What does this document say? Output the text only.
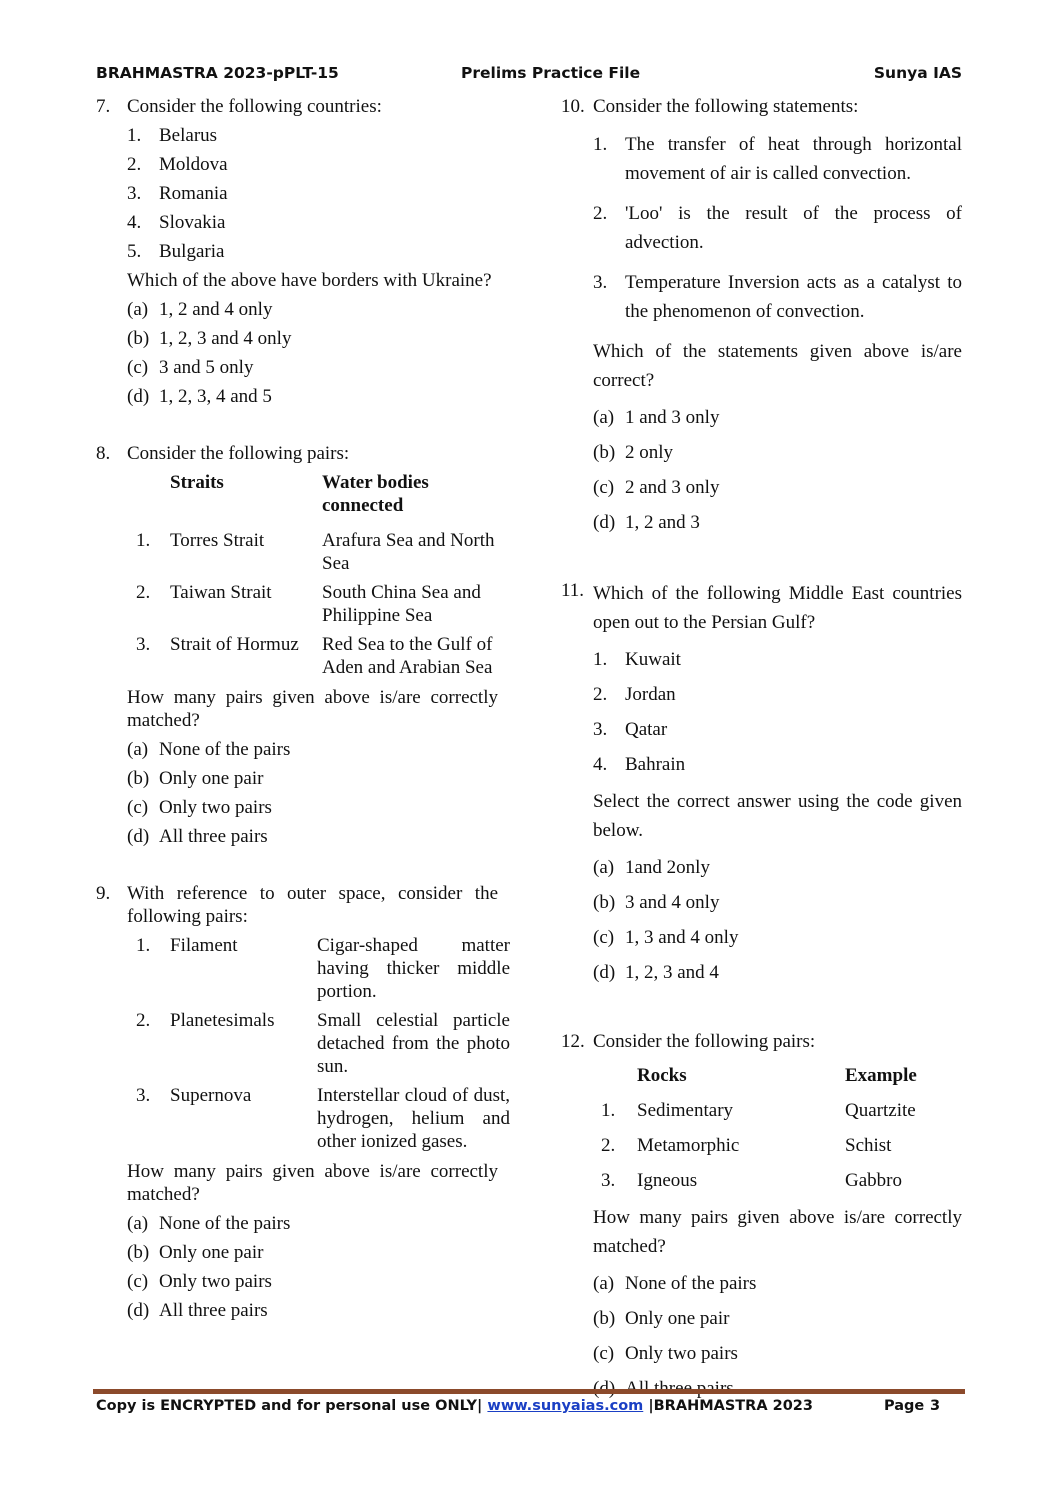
BRAHMASTRA 2023-pPLT-15	Prelims Practice File	Sunya IAS
7. Consider the following countries:
1. Belarus
2. Moldova
3. Romania
4. Slovakia
5. Bulgaria
Which of the above have borders with Ukraine?
(a) 1, 2 and 4 only
(b) 1, 2, 3 and 4 only
(c) 3 and 5 only
(d) 1, 2, 3, 4 and 5
8. Consider the following pairs:
	Straits	Water bodies connected
1.	Torres Strait	Arafura Sea and North Sea
2.	Taiwan Strait	South China Sea and Philippine Sea
3.	Strait of Hormuz	Red Sea to the Gulf of Aden and Arabian Sea
How many pairs given above is/are correctly matched?
(a) None of the pairs
(b) Only one pair
(c) Only two pairs
(d) All three pairs
9. With reference to outer space, consider the following pairs:
1.	Filament	Cigar-shaped matter having thicker middle portion.
2.	Planetesimals	Small celestial particle detached from the photo sun.
3.	Supernova	Interstellar cloud of dust, hydrogen, helium and other ionized gases.
How many pairs given above is/are correctly matched?
(a) None of the pairs
(b) Only one pair
(c) Only two pairs
(d) All three pairs
10. Consider the following statements:
1. The transfer of heat through horizontal movement of air is called convection.
2. 'Loo' is the result of the process of advection.
3. Temperature Inversion acts as a catalyst to the phenomenon of convection.
Which of the statements given above is/are correct?
(a) 1 and 3 only
(b) 2 only
(c) 2 and 3 only
(d) 1, 2 and 3
11. Which of the following Middle East countries open out to the Persian Gulf?
1. Kuwait
2. Jordan
3. Qatar
4. Bahrain
Select the correct answer using the code given below.
(a) 1and 2only
(b) 3 and 4 only
(c) 1, 3 and 4 only
(d) 1, 2, 3 and 4
12. Consider the following pairs:
	Rocks	Example
1.	Sedimentary	Quartzite
2.	Metamorphic	Schist
3.	Igneous	Gabbro
How many pairs given above is/are correctly matched?
(a) None of the pairs
(b) Only one pair
(c) Only two pairs
Copy is ENCRYPTED and for personal use ONLY| www.sunyaias.com |BRAHMASTRA 2023	Page 3
